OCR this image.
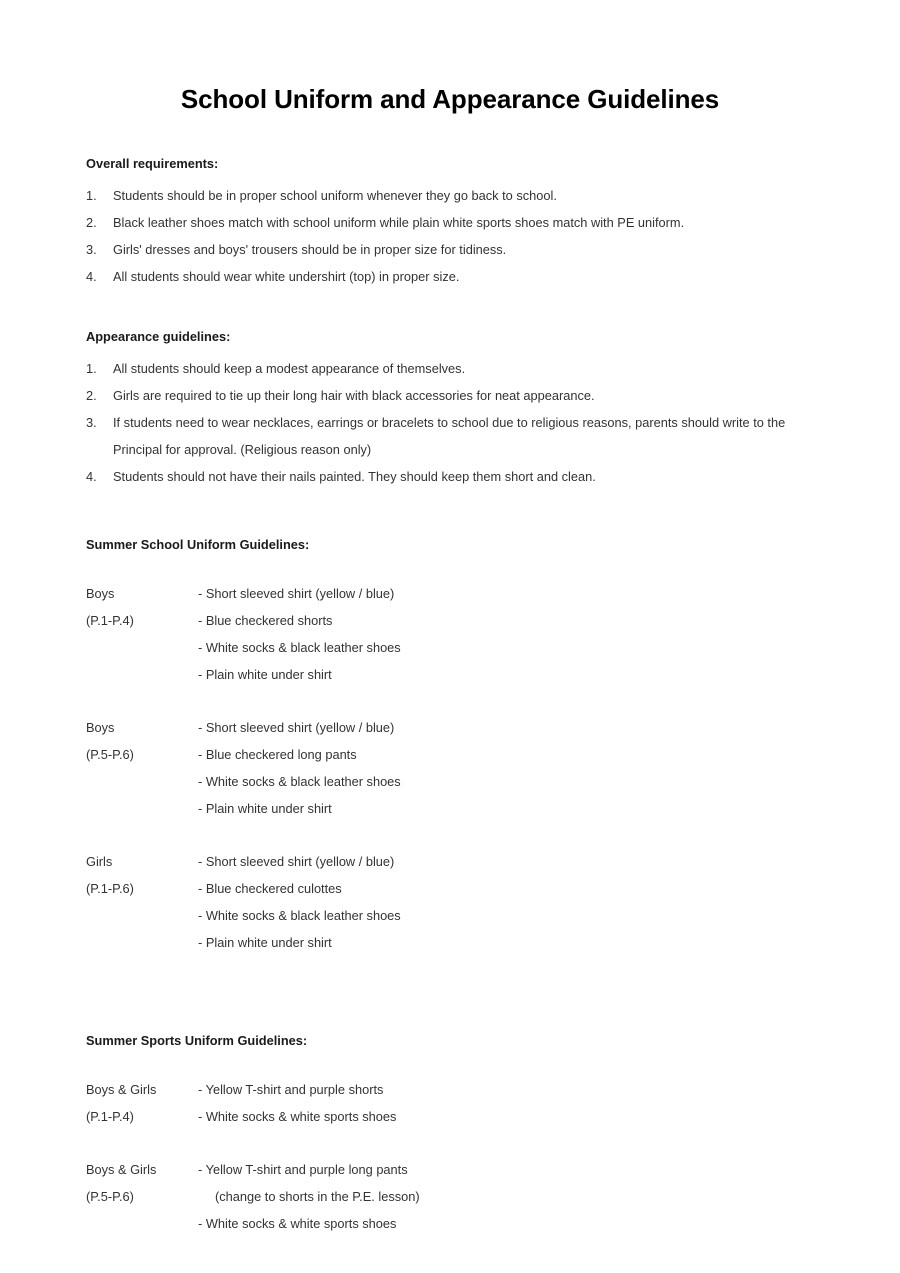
School Uniform and Appearance Guidelines
Overall requirements:
1. Students should be in proper school uniform whenever they go back to school.
2. Black leather shoes match with school uniform while plain white sports shoes match with PE uniform.
3. Girls' dresses and boys' trousers should be in proper size for tidiness.
4. All students should wear white undershirt (top) in proper size.
Appearance guidelines:
1. All students should keep a modest appearance of themselves.
2. Girls are required to tie up their long hair with black accessories for neat appearance.
3. If students need to wear necklaces, earrings or bracelets to school due to religious reasons, parents should write to the Principal for approval. (Religious reason only)
4. Students should not have their nails painted. They should keep them short and clean.
Summer School Uniform Guidelines:
Boys
(P.1-P.4)
- Short sleeved shirt (yellow / blue)
- Blue checkered shorts
- White socks & black leather shoes
- Plain white under shirt
Boys
(P.5-P.6)
- Short sleeved shirt (yellow / blue)
- Blue checkered long pants
- White socks & black leather shoes
- Plain white under shirt
Girls
(P.1-P.6)
- Short sleeved shirt (yellow / blue)
- Blue checkered culottes
- White socks & black leather shoes
- Plain white under shirt
Summer Sports Uniform Guidelines:
Boys & Girls
(P.1-P.4)
- Yellow T-shirt and purple shorts
- White socks & white sports shoes
Boys & Girls
(P.5-P.6)
- Yellow T-shirt and purple long pants
(change to shorts in the P.E. lesson)
- White socks & white sports shoes
